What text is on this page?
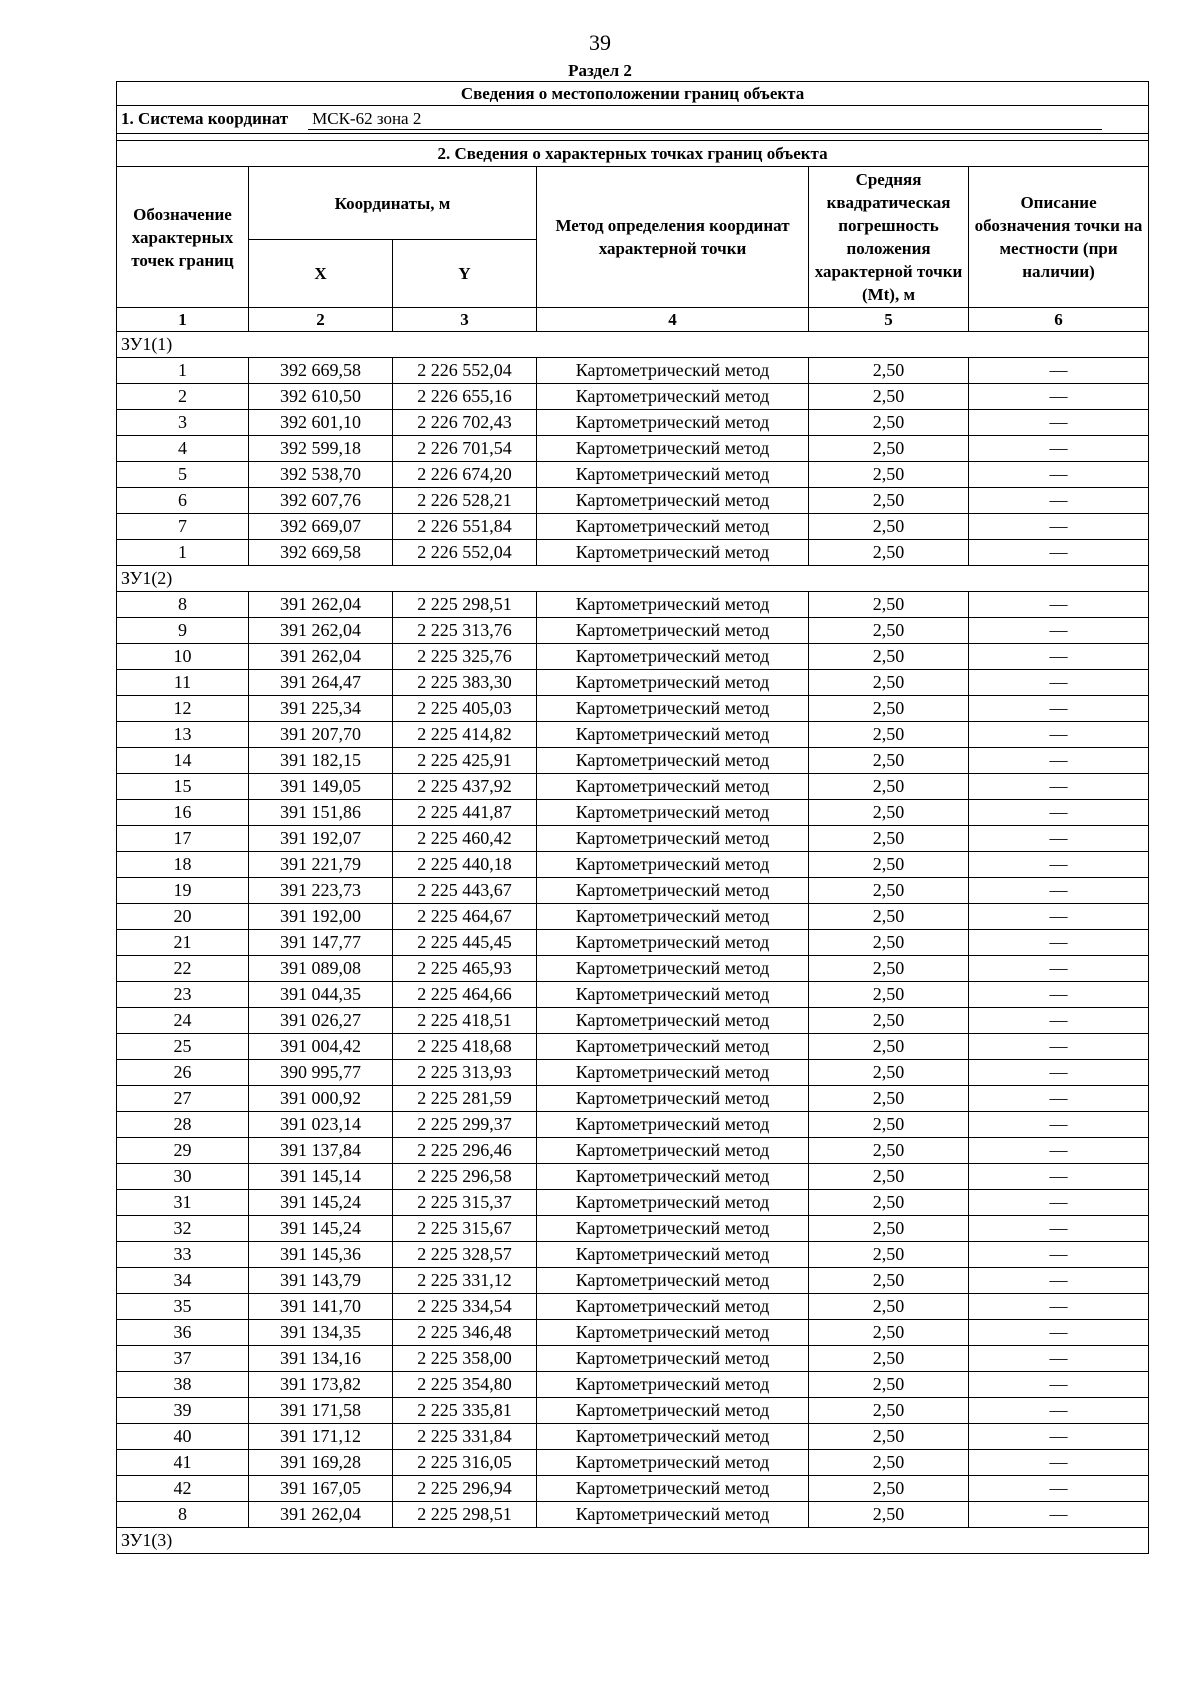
39
Раздел 2
Сведения о местоположении границ объекта					
1. Система координат МСК-62 зона 2					

2. Сведения о характерных точках границ объекта					
Обозначение характерных точек границ	Координаты, м		Метод определения координат характерной точки	Средняя квадратическая погрешность положения характерной точки (Mt), м	Описание обозначения точки на местности (при наличии)
	X	Y			
1	2	3	4	5	6
ЗУ1(1)					
1	392 669,58	2 226 552,04	Картометрический метод	2,50	—
2	392 610,50	2 226 655,16	Картометрический метод	2,50	—
3	392 601,10	2 226 702,43	Картометрический метод	2,50	—
4	392 599,18	2 226 701,54	Картометрический метод	2,50	—
5	392 538,70	2 226 674,20	Картометрический метод	2,50	—
6	392 607,76	2 226 528,21	Картометрический метод	2,50	—
7	392 669,07	2 226 551,84	Картометрический метод	2,50	—
1	392 669,58	2 226 552,04	Картометрический метод	2,50	—
ЗУ1(2)					
8	391 262,04	2 225 298,51	Картометрический метод	2,50	—
9	391 262,04	2 225 313,76	Картометрический метод	2,50	—
10	391 262,04	2 225 325,76	Картометрический метод	2,50	—
11	391 264,47	2 225 383,30	Картометрический метод	2,50	—
12	391 225,34	2 225 405,03	Картометрический метод	2,50	—
13	391 207,70	2 225 414,82	Картометрический метод	2,50	—
14	391 182,15	2 225 425,91	Картометрический метод	2,50	—
15	391 149,05	2 225 437,92	Картометрический метод	2,50	—
16	391 151,86	2 225 441,87	Картометрический метод	2,50	—
17	391 192,07	2 225 460,42	Картометрический метод	2,50	—
18	391 221,79	2 225 440,18	Картометрический метод	2,50	—
19	391 223,73	2 225 443,67	Картометрический метод	2,50	—
20	391 192,00	2 225 464,67	Картометрический метод	2,50	—
21	391 147,77	2 225 445,45	Картометрический метод	2,50	—
22	391 089,08	2 225 465,93	Картометрический метод	2,50	—
23	391 044,35	2 225 464,66	Картометрический метод	2,50	—
24	391 026,27	2 225 418,51	Картометрический метод	2,50	—
25	391 004,42	2 225 418,68	Картометрический метод	2,50	—
26	390 995,77	2 225 313,93	Картометрический метод	2,50	—
27	391 000,92	2 225 281,59	Картометрический метод	2,50	—
28	391 023,14	2 225 299,37	Картометрический метод	2,50	—
29	391 137,84	2 225 296,46	Картометрический метод	2,50	—
30	391 145,14	2 225 296,58	Картометрический метод	2,50	—
31	391 145,24	2 225 315,37	Картометрический метод	2,50	—
32	391 145,24	2 225 315,67	Картометрический метод	2,50	—
33	391 145,36	2 225 328,57	Картометрический метод	2,50	—
34	391 143,79	2 225 331,12	Картометрический метод	2,50	—
35	391 141,70	2 225 334,54	Картометрический метод	2,50	—
36	391 134,35	2 225 346,48	Картометрический метод	2,50	—
37	391 134,16	2 225 358,00	Картометрический метод	2,50	—
38	391 173,82	2 225 354,80	Картометрический метод	2,50	—
39	391 171,58	2 225 335,81	Картометрический метод	2,50	—
40	391 171,12	2 225 331,84	Картометрический метод	2,50	—
41	391 169,28	2 225 316,05	Картометрический метод	2,50	—
42	391 167,05	2 225 296,94	Картометрический метод	2,50	—
8	391 262,04	2 225 298,51	Картометрический метод	2,50	—
ЗУ1(3)					
